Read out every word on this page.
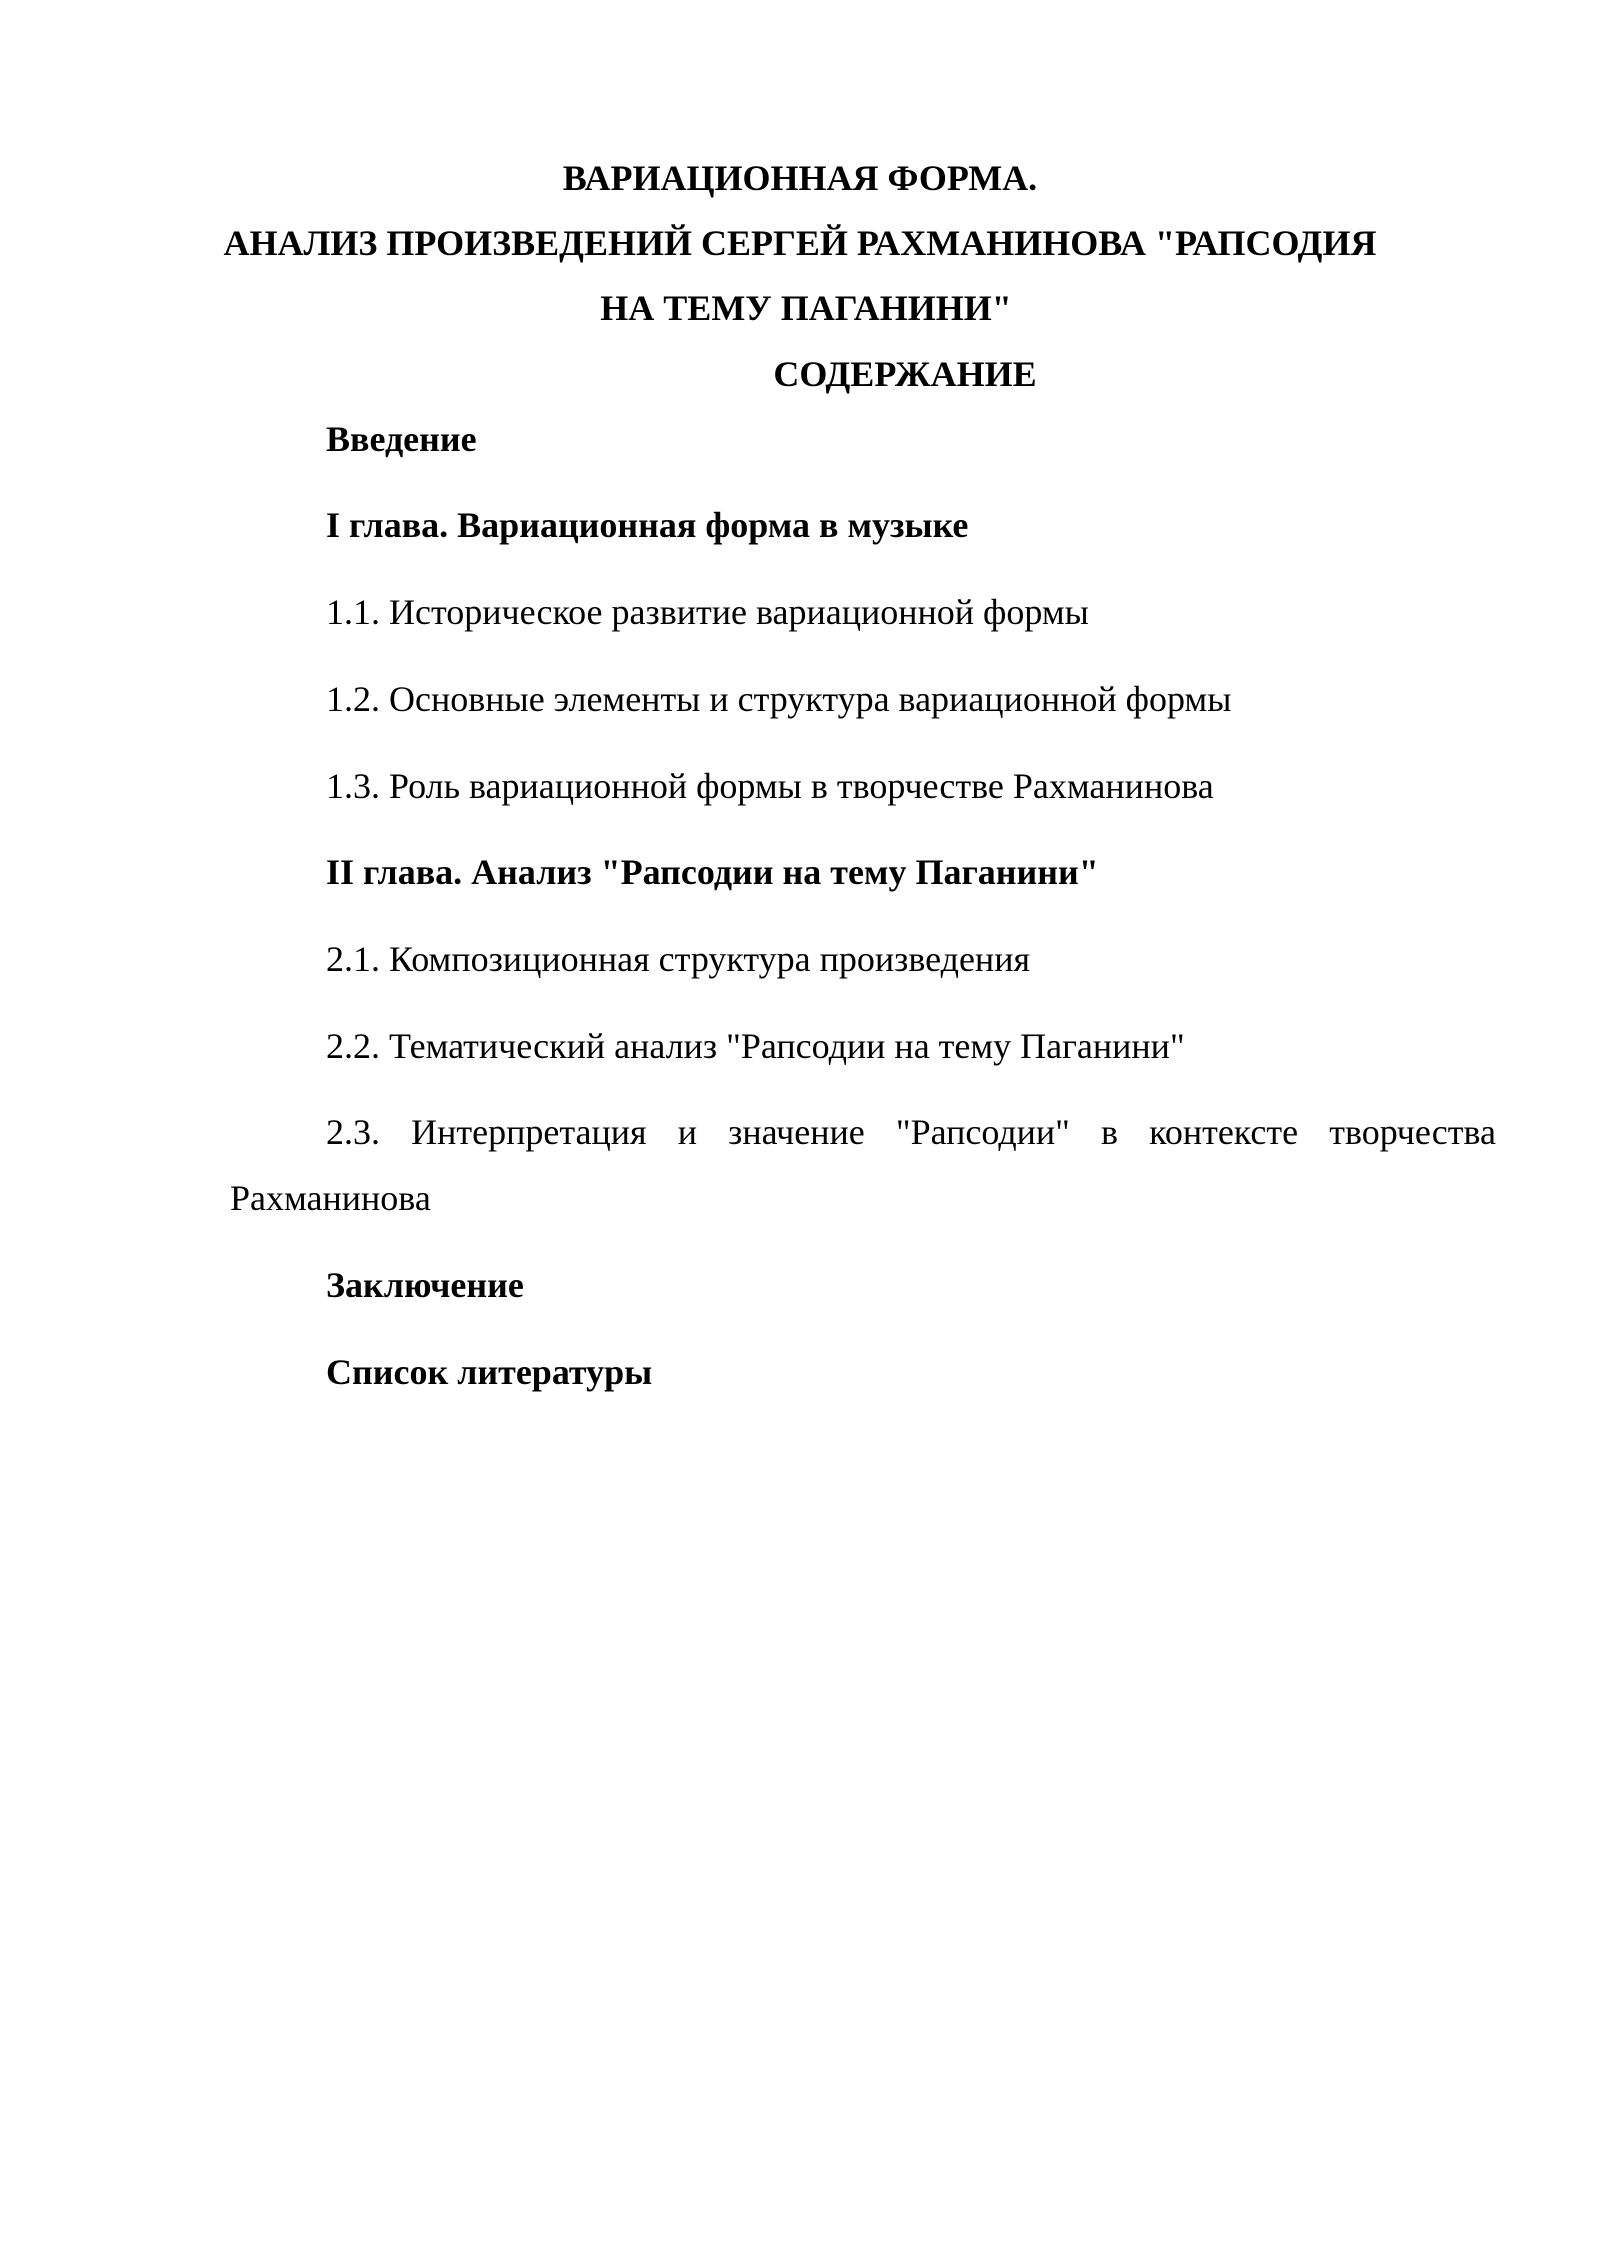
ВАРИАЦИОННАЯ ФОРМА.
АНАЛИЗ ПРОИЗВЕДЕНИЙ СЕРГЕЙ РАХМАНИНОВА "РАПСОДИЯ
НА ТЕМУ ПАГАНИНИ"
СОДЕРЖАНИЕ
Введение
I глава. Вариационная форма в музыке
1.1. Историческое развитие вариационной формы
1.2. Основные элементы и структура вариационной формы
1.3. Роль вариационной формы в творчестве Рахманинова
II глава. Анализ "Рапсодии на тему Паганини"
2.1. Композиционная структура произведения
2.2. Тематический анализ "Рапсодии на тему Паганини"
2.3. Интерпретация и значение "Рапсодии" в контексте творчества Рахманинова
Заключение
Список литературы
